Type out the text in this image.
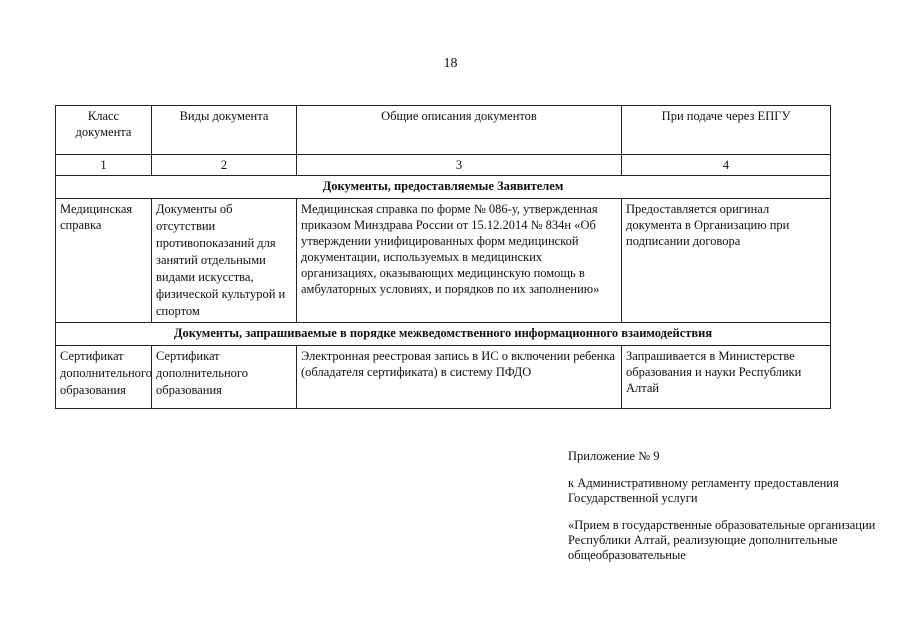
18
Класс документа	Виды документа	Общие описания документов	При подаче через ЕПГУ
1	2	3	4
Документы, предоставляемые Заявителем			
Медицинская справка	Документы об отсутствии противопоказаний для занятий отдельными видами искусства, физической культурой и спортом	Медицинская справка по форме № 086-у, утвержденная приказом Минздрава России от 15.12.2014 № 834н «Об утверждении унифицированных форм медицинской документации, используемых в медицинских организациях, оказывающих медицинскую помощь в амбулаторных условиях, и порядков по их заполнению»	Предоставляется оригинал документа в Организацию при подписании договора
Документы, запрашиваемые в порядке межведомственного информационного взаимодействия			
Сертификат дополнительного образования	Сертификат дополнительного образования	Электронная реестровая запись в ИС о включении ребенка (обладателя сертификата) в систему ПФДО	Запрашивается в Министерстве образования и науки Республики Алтай

Приложение № 9

к Административному регламенту предоставления Государственной услуги

«Прием в государственные образовательные организации Республики Алтай, реализующие дополнительные общеобразовательные
